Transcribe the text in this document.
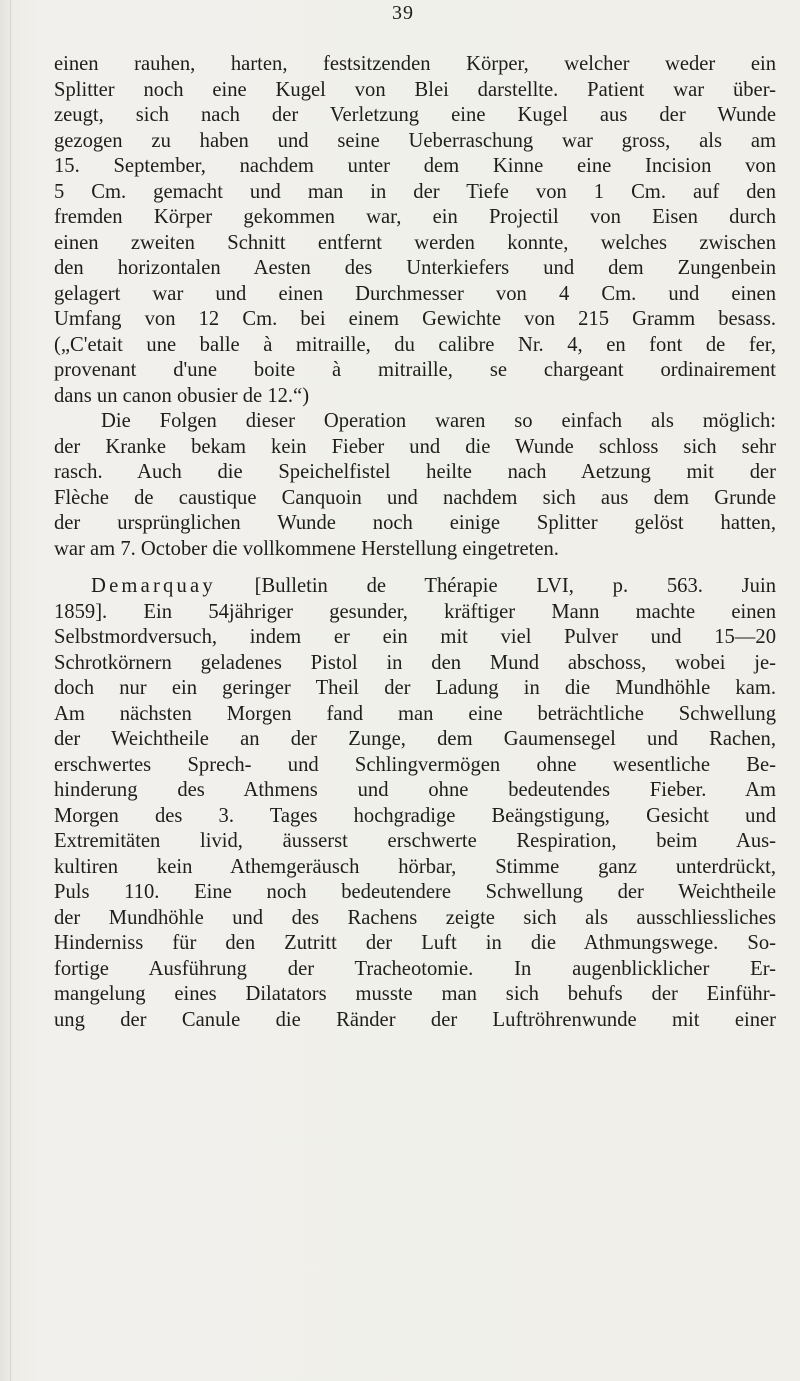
39
einen rauhen, harten, festsitzenden Körper, welcher weder ein
Splitter noch eine Kugel von Blei darstellte. Patient war über-
zeugt, sich nach der Verletzung eine Kugel aus der Wunde
gezogen zu haben und seine Ueberraschung war gross, als am
15. September, nachdem unter dem Kinne eine Incision von
5 Cm. gemacht und man in der Tiefe von 1 Cm. auf den
fremden Körper gekommen war, ein Projectil von Eisen durch
einen zweiten Schnitt entfernt werden konnte, welches zwischen
den horizontalen Aesten des Unterkiefers und dem Zungenbein
gelagert war und einen Durchmesser von 4 Cm. und einen
Umfang von 12 Cm. bei einem Gewichte von 215 Gramm besass.
(„C'etait une balle à mitraille, du calibre Nr. 4, en font de fer,
provenant d'une boite à mitraille, se chargeant ordinairement
dans un canon obusier de 12.“)
Die Folgen dieser Operation waren so einfach als möglich:
der Kranke bekam kein Fieber und die Wunde schloss sich sehr
rasch. Auch die Speichelfistel heilte nach Aetzung mit der
Flèche de caustique Canquoin und nachdem sich aus dem Grunde
der ursprünglichen Wunde noch einige Splitter gelöst hatten,
war am 7. October die vollkommene Herstellung eingetreten.
Demarquay [Bulletin de Thérapie LVI, p. 563. Juin
1859]. Ein 54jähriger gesunder, kräftiger Mann machte einen
Selbstmordversuch, indem er ein mit viel Pulver und 15—20
Schrotkörnern geladenes Pistol in den Mund abschoss, wobei je-
doch nur ein geringer Theil der Ladung in die Mundhöhle kam.
Am nächsten Morgen fand man eine beträchtliche Schwellung
der Weichtheile an der Zunge, dem Gaumensegel und Rachen,
erschwertes Sprech- und Schlingvermögen ohne wesentliche Be-
hinderung des Athmens und ohne bedeutendes Fieber. Am
Morgen des 3. Tages hochgradige Beängstigung, Gesicht und
Extremitäten livid, äusserst erschwerte Respiration, beim Aus-
kultiren kein Athemgeräusch hörbar, Stimme ganz unterdrückt,
Puls 110. Eine noch bedeutendere Schwellung der Weichtheile
der Mundhöhle und des Rachens zeigte sich als ausschliessliches
Hinderniss für den Zutritt der Luft in die Athmungswege. So-
fortige Ausführung der Tracheotomie. In augenblicklicher Er-
mangelung eines Dilatators musste man sich behufs der Einführ-
ung der Canule die Ränder der Luftröhrenwunde mit einer
